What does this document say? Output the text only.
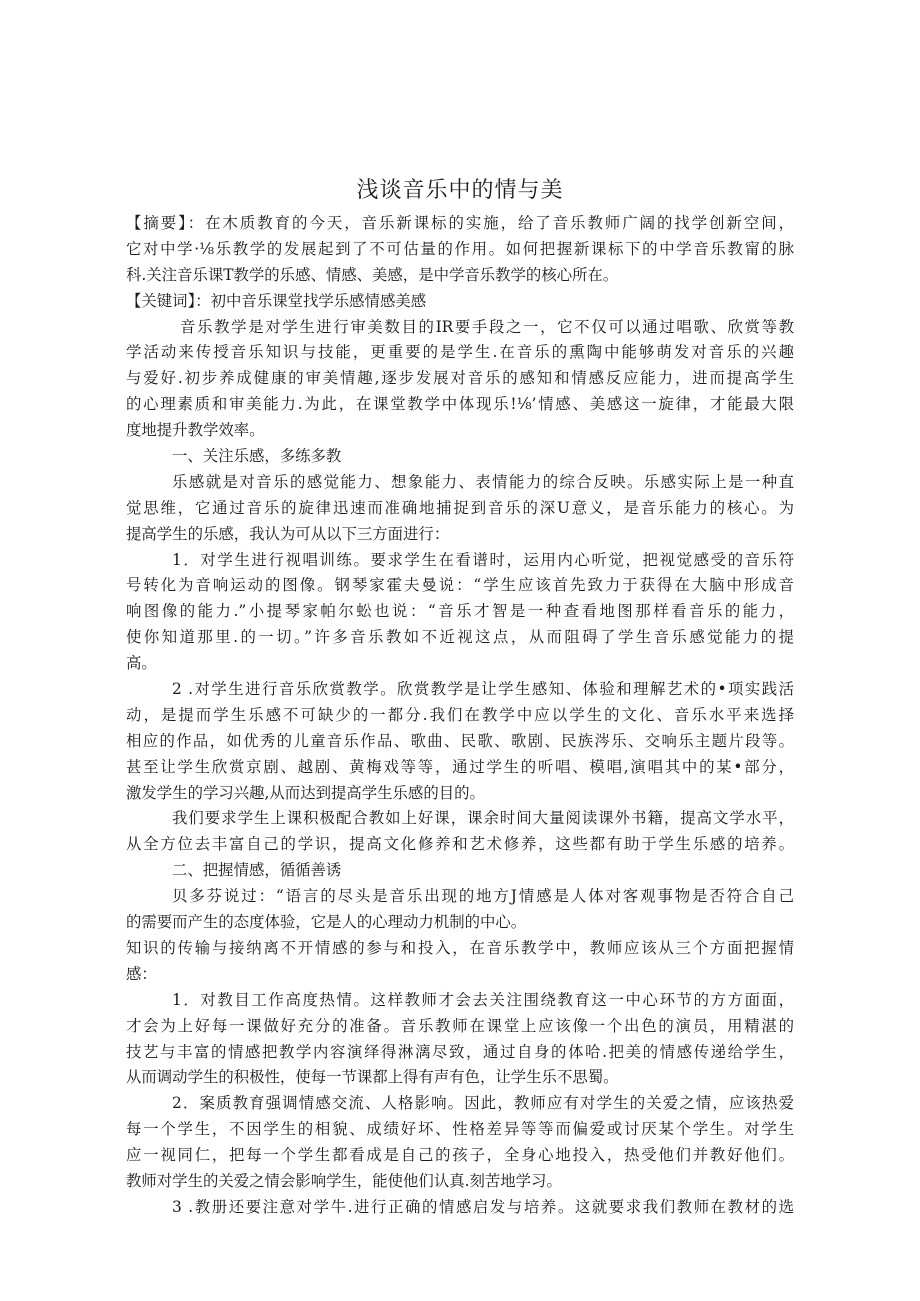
浅谈音乐中的情与美
【摘要】：在木质教育的今天，音乐新课标的实施，给了音乐教师广阔的找学创新空间，
它对中学·⅛乐教学的发展起到了不可估量的作用。如何把握新课标下的中学音乐教甯的脉
科.关注音乐课T教学的乐感、情感、美感，是中学音乐教学的核心所在。
【关键词】：初中音乐课堂找学乐感情感美感
音乐教学是对学生进行审美数目的IR要手段之一，它不仅可以通过唱歌、欣赏等教
学活动来传授音乐知识与技能，更重要的是学生.在音乐的熏陶中能够萌发对音乐的兴趣
与爱好.初步养成健康的审美情趣,逐步发展对音乐的感知和情感反应能力，进而提高学生
的心理素质和审美能力.为此，在课堂教学中体现乐!⅛’情感、美感这一旋律，才能最大限
度地提升教学效率。
一、关注乐感，多练多教
乐感就是对音乐的感觉能力、想象能力、表情能力的综合反映。乐感实际上是一种直
觉思维，它通过音乐的旋律迅速而准确地捕捉到音乐的深U意义，是音乐能力的核心。为
提高学生的乐感，我认为可从以下三方面进行：
1．对学生进行视唱训练。要求学生在看谱时，运用内心听觉，把视觉感受的音乐符
号转化为音响运动的图像。钢琴家霍夫曼说：“学生应该首先致力于获得在大脑中形成音
响图像的能力.”小提琴家帕尔蚣也说：“音乐才智是一种查看地图那样看音乐的能力，
使你知道那里.的一切。”许多音乐教如不近视这点，从而阻碍了学生音乐感觉能力的提
高。
2 .对学生进行音乐欣赏教学。欣赏教学是让学生感知、体验和理解艺术的•项实践活
动，是提而学生乐感不可缺少的一都分.我们在教学中应以学生的文化、音乐水平来选择
相应的作品，如优秀的儿童音乐作品、歌曲、民歌、歌剧、民族涔乐、交响乐主题片段等。
甚至让学生欣赏京剧、越剧、黄梅戏等等，通过学生的听唱、模唱,演唱其中的某•部分，
激发学生的学习兴趣,从而达到提高学生乐感的目的。
我们要求学生上课积极配合教如上好课，课余时间大量阅读课外书籍，提高文学水平，
从全方位去丰富自己的学识，提高文化修养和艺术修养，这些都有助于学生乐感的培养。
二、把握情感，循循善诱
贝多芬说过：“语言的尽头是音乐出现的地方J情感是人体对客观事物是否符合自己
的需要而产生的态度体验，它是人的心理动力机制的中心。
知识的传输与接纳离不开情感的参与和投入，在音乐教学中，教师应该从三个方面把握情
感：
1．对教目工作高度热情。这样教师才会去关注围绕教育这一中心环节的方方面面，
才会为上好每一课做好充分的准备。音乐教师在课堂上应该像一个出色的演员，用精湛的
技艺与丰富的情感把教学内容演绎得淋漓尽致，通过自身的体哈.把美的情感传递给学生，
从而调动学生的积极性，使每一节课都上得有声有色，让学生乐不思蜀。
2．案质教育强调情感交流、人格影响。因此，教师应有对学生的关爱之情，应该热爱
每一个学生，不因学生的相貌、成绩好坏、性格差异等等而偏爱或讨厌某个学生。对学生
应一视同仁，把每一个学生都看成是自己的孩子，全身心地投入，热受他们并教好他们。
教师对学生的关爱之情会影响学生，能使他们认真.刻苦地学习。
3 .教册还要注意对学牛.进行正确的情感启发与培养。这就要求我们教师在教材的选
